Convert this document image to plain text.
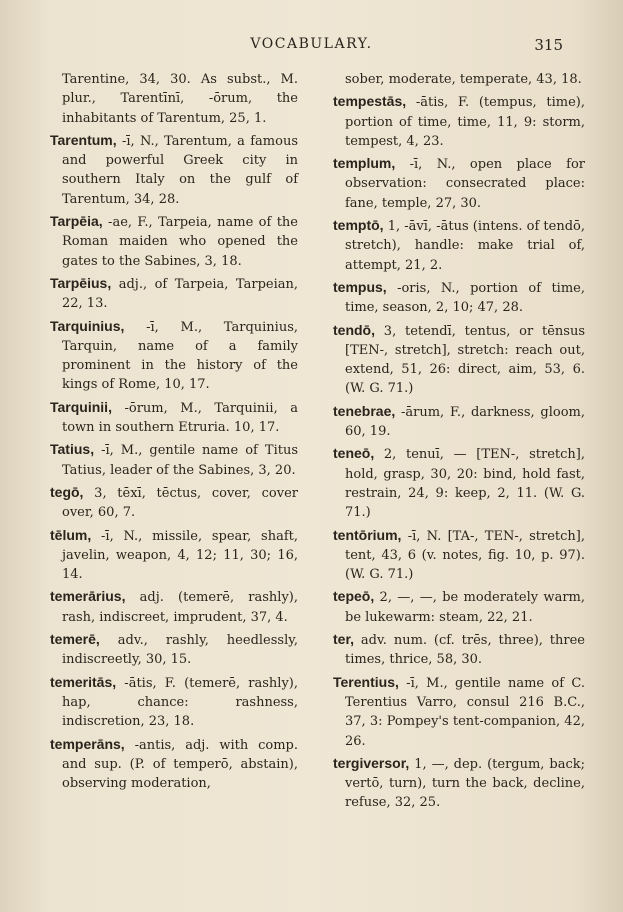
VOCABULARY.	315

Tarentine, 34, 30. As subst., M. plur., Tarentīnī, -ōrum, the inhabitants of Tarentum, 25, 1.

Tarentum, -ī, N., Tarentum, a famous and powerful Greek city in southern Italy on the gulf of Tarentum, 34, 28.

Tarpēia, -ae, F., Tarpeia, name of the Roman maiden who opened the gates to the Sabines, 3, 18.

Tarpēius, adj., of Tarpeia, Tarpeian, 22, 13.

Tarquinius, -ī, M., Tarquinius, Tarquin, name of a family prominent in the history of the kings of Rome, 10, 17.

Tarquinii, -ōrum, M., Tarquinii, a town in southern Etruria. 10, 17.

Tatius, -ī, M., gentile name of Titus Tatius, leader of the Sabines, 3, 20.

tegō, 3, tēxī, tēctus, cover, cover over, 60, 7.

tēlum, -ī, N., missile, spear, shaft, javelin, weapon, 4, 12; 11, 30; 16, 14.

temerārius, adj. (temerē, rashly), rash, indiscreet, imprudent, 37, 4.

temerē, adv., rashly, heedlessly, indiscreetly, 30, 15.

temeritās, -ātis, F. (temerē, rashly), hap, chance: rashness, indiscretion, 23, 18.

temperāns, -antis, adj. with comp. and sup. (P. of temperō, abstain), observing moderation,

sober, moderate, temperate, 43, 18.

tempestās, -ātis, F. (tempus, time), portion of time, time, 11, 9: storm, tempest, 4, 23.

templum, -ī, N., open place for observation: consecrated place: fane, temple, 27, 30.

temptō, 1, -āvī, -ātus (intens. of tendō, stretch), handle: make trial of, attempt, 21, 2.

tempus, -oris, N., portion of time, time, season, 2, 10; 47, 28.

tendō, 3, tetendī, tentus, or tēnsus [TEN-, stretch], stretch: reach out, extend, 51, 26: direct, aim, 53, 6. (W. G. 71.)

tenebrae, -ārum, F., darkness, gloom, 60, 19.

teneō, 2, tenuī, — [TEN-, stretch], hold, grasp, 30, 20: bind, hold fast, restrain, 24, 9: keep, 2, 11. (W. G. 71.)

tentōrium, -ī, N. [TA-, TEN-, stretch], tent, 43, 6 (v. notes, fig. 10, p. 97). (W. G. 71.)

tepeō, 2, —, —, be moderately warm, be lukewarm: steam, 22, 21.

ter, adv. num. (cf. trēs, three), three times, thrice, 58, 30.

Terentius, -ī, M., gentile name of C. Terentius Varro, consul 216 B.C., 37, 3: Pompey's tent-companion, 42, 26.

tergiversor, 1, —, dep. (tergum, back; vertō, turn), turn the back, decline, refuse, 32, 25.
